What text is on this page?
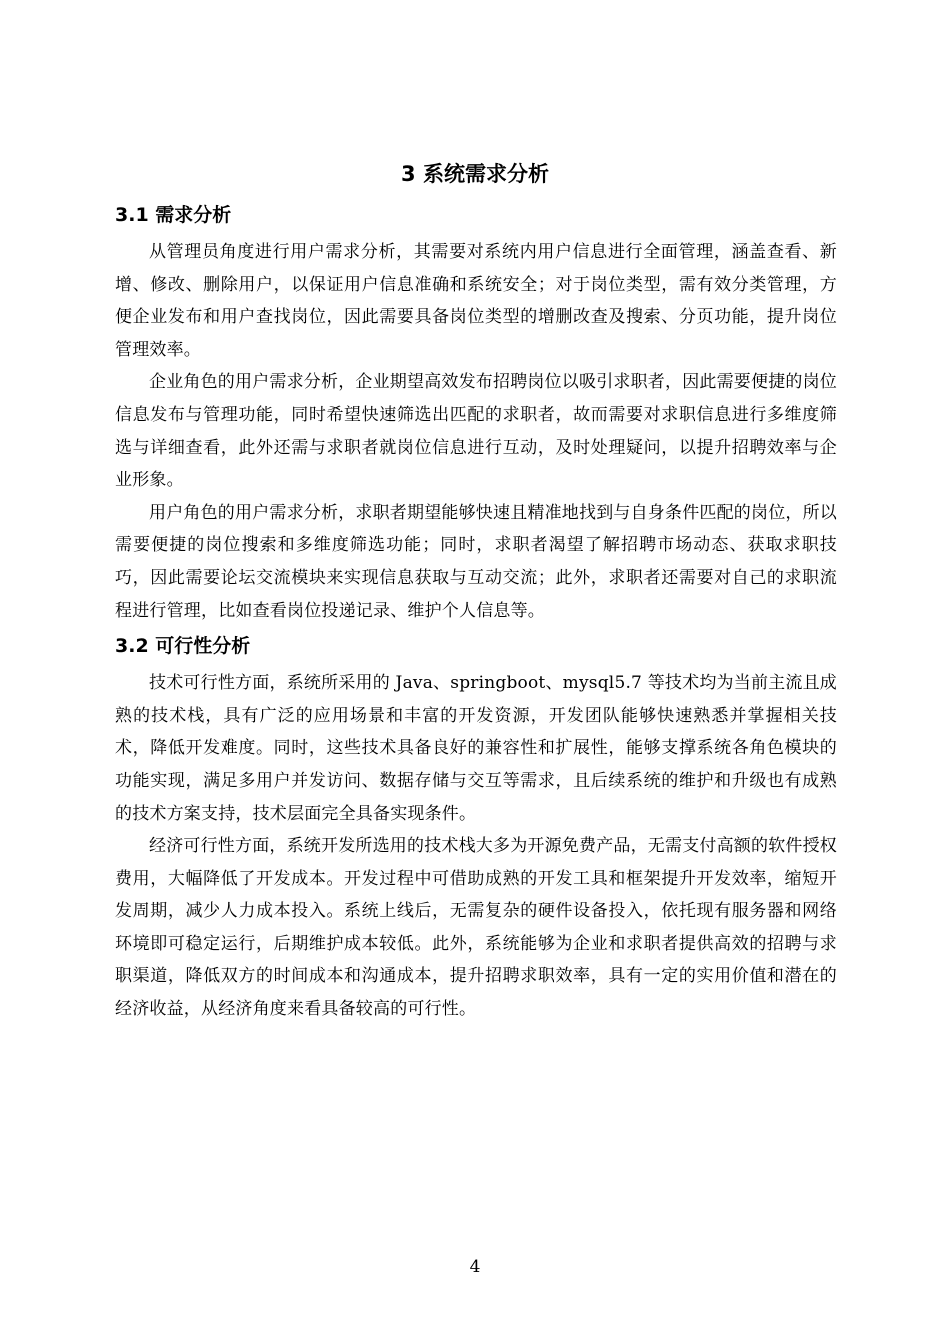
3 系统需求分析
3.1 需求分析

从管理员角度进行用户需求分析，其需要对系统内用户信息进行全面管理，涵盖查看、新增、修改、删除用户，以保证用户信息准确和系统安全；对于岗位类型，需有效分类管理，方便企业发布和用户查找岗位，因此需要具备岗位类型的增删改查及搜索、分页功能，提升岗位管理效率。

企业角色的用户需求分析，企业期望高效发布招聘岗位以吸引求职者，因此需要便捷的岗位信息发布与管理功能，同时希望快速筛选出匹配的求职者，故而需要对求职信息进行多维度筛选与详细查看，此外还需与求职者就岗位信息进行互动，及时处理疑问，以提升招聘效率与企业形象。

用户角色的用户需求分析，求职者期望能够快速且精准地找到与自身条件匹配的岗位，所以需要便捷的岗位搜索和多维度筛选功能；同时，求职者渴望了解招聘市场动态、获取求职技巧，因此需要论坛交流模块来实现信息获取与互动交流；此外，求职者还需要对自己的求职流程进行管理，比如查看岗位投递记录、维护个人信息等。

3.2 可行性分析

技术可行性方面，系统所采用的 Java、springboot、mysql5.7 等技术均为当前主流且成熟的技术栈，具有广泛的应用场景和丰富的开发资源，开发团队能够快速熟悉并掌握相关技术，降低开发难度。同时，这些技术具备良好的兼容性和扩展性，能够支撑系统各角色模块的功能实现，满足多用户并发访问、数据存储与交互等需求，且后续系统的维护和升级也有成熟的技术方案支持，技术层面完全具备实现条件。

经济可行性方面，系统开发所选用的技术栈大多为开源免费产品，无需支付高额的软件授权费用，大幅降低了开发成本。开发过程中可借助成熟的开发工具和框架提升开发效率，缩短开发周期，减少人力成本投入。系统上线后，无需复杂的硬件设备投入，依托现有服务器和网络环境即可稳定运行，后期维护成本较低。此外，系统能够为企业和求职者提供高效的招聘与求职渠道，降低双方的时间成本和沟通成本，提升招聘求职效率，具有一定的实用价值和潜在的经济收益，从经济角度来看具备较高的可行性。

4
